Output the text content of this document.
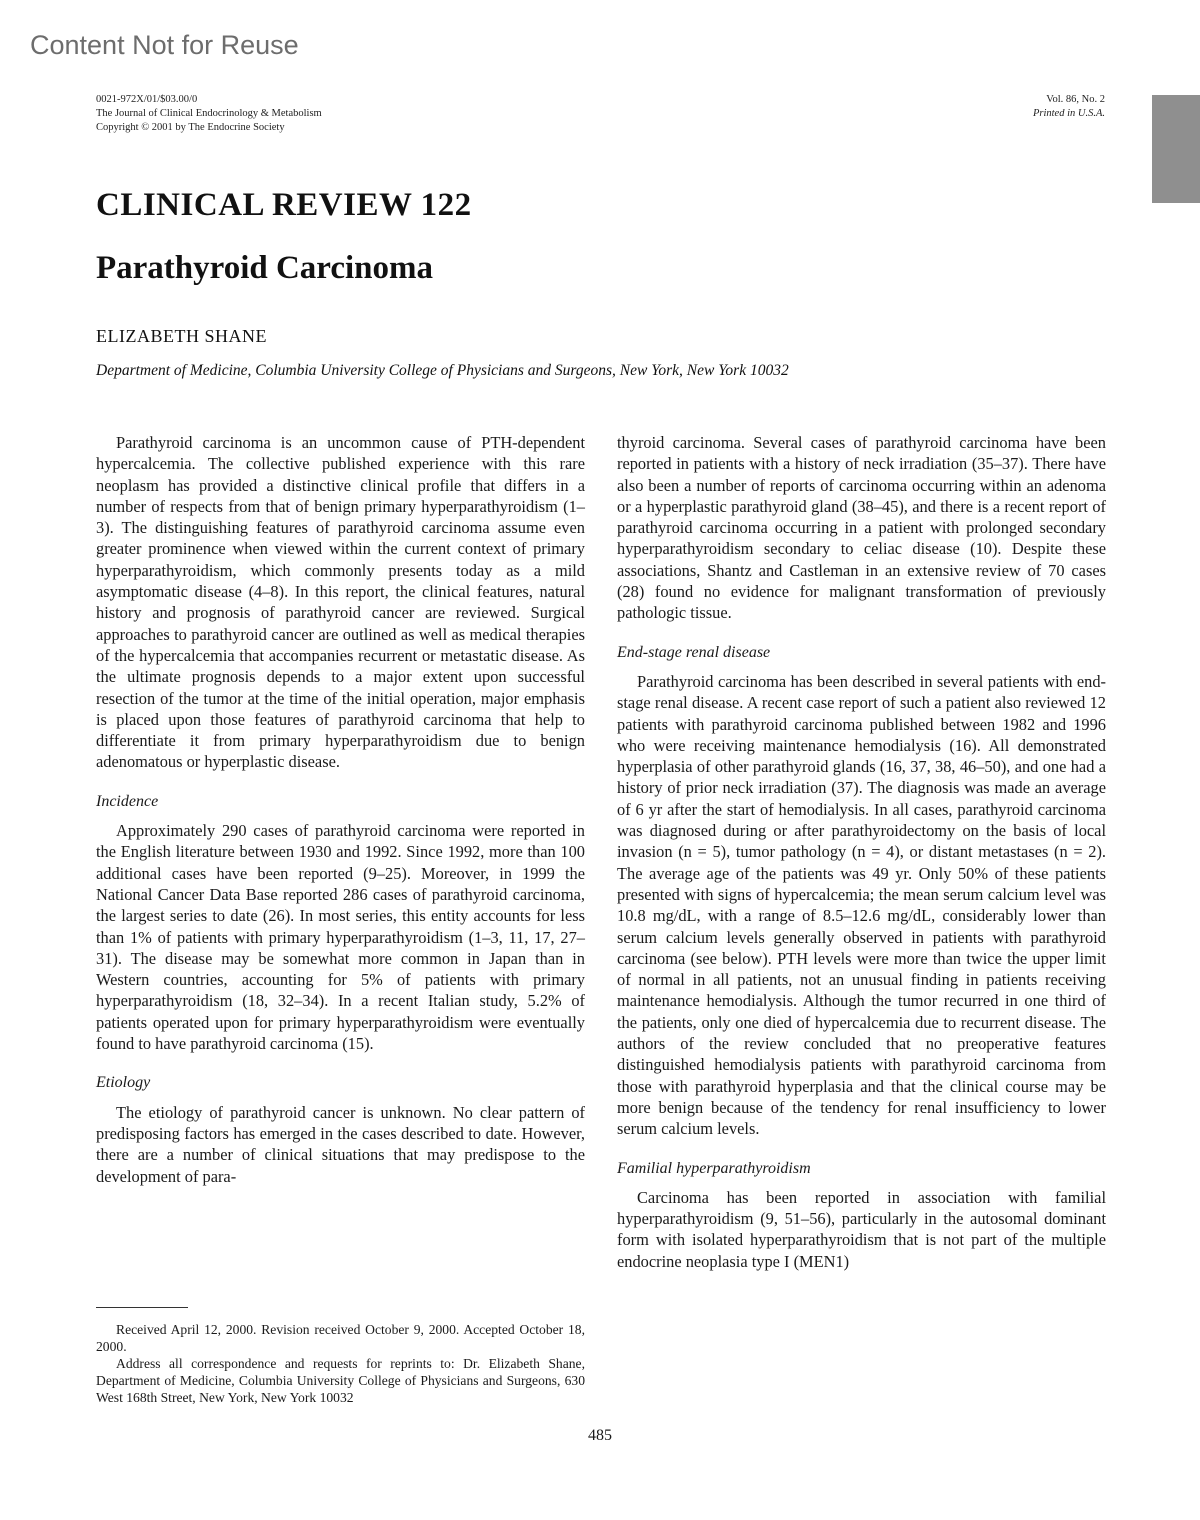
Content Not for Reuse
0021-972X/01/$03.00/0
The Journal of Clinical Endocrinology & Metabolism
Copyright © 2001 by The Endocrine Society
Vol. 86, No. 2
Printed in U.S.A.
CLINICAL REVIEW 122
Parathyroid Carcinoma
ELIZABETH SHANE
Department of Medicine, Columbia University College of Physicians and Surgeons, New York, New York 10032

Parathyroid carcinoma is an uncommon cause of PTH-dependent hypercalcemia. The collective published experience with this rare neoplasm has provided a distinctive clinical profile that differs in a number of respects from that of benign primary hyperparathyroidism (1–3). The distinguishing features of parathyroid carcinoma assume even greater prominence when viewed within the current context of primary hyperparathyroidism, which commonly presents today as a mild asymptomatic disease (4–8). In this report, the clinical features, natural history and prognosis of parathyroid cancer are reviewed. Surgical approaches to parathyroid cancer are outlined as well as medical therapies of the hypercalcemia that accompanies recurrent or metastatic disease. As the ultimate prognosis depends to a major extent upon successful resection of the tumor at the time of the initial operation, major emphasis is placed upon those features of parathyroid carcinoma that help to differentiate it from primary hyperparathyroidism due to benign adenomatous or hyperplastic disease.

Incidence

Approximately 290 cases of parathyroid carcinoma were reported in the English literature between 1930 and 1992. Since 1992, more than 100 additional cases have been reported (9–25). Moreover, in 1999 the National Cancer Data Base reported 286 cases of parathyroid carcinoma, the largest series to date (26). In most series, this entity accounts for less than 1% of patients with primary hyperparathyroidism (1–3, 11, 17, 27–31). The disease may be somewhat more common in Japan than in Western countries, accounting for 5% of patients with primary hyperparathyroidism (18, 32–34). In a recent Italian study, 5.2% of patients operated upon for primary hyperparathyroidism were eventually found to have parathyroid carcinoma (15).

Etiology

The etiology of parathyroid cancer is unknown. No clear pattern of predisposing factors has emerged in the cases described to date. However, there are a number of clinical situations that may predispose to the development of para-

Received April 12, 2000. Revision received October 9, 2000. Accepted October 18, 2000.

Address all correspondence and requests for reprints to: Dr. Elizabeth Shane, Department of Medicine, Columbia University College of Physicians and Surgeons, 630 West 168th Street, New York, New York 10032

thyroid carcinoma. Several cases of parathyroid carcinoma have been reported in patients with a history of neck irradiation (35–37). There have also been a number of reports of carcinoma occurring within an adenoma or a hyperplastic parathyroid gland (38–45), and there is a recent report of parathyroid carcinoma occurring in a patient with prolonged secondary hyperparathyroidism secondary to celiac disease (10). Despite these associations, Shantz and Castleman in an extensive review of 70 cases (28) found no evidence for malignant transformation of previously pathologic tissue.

End-stage renal disease

Parathyroid carcinoma has been described in several patients with end-stage renal disease. A recent case report of such a patient also reviewed 12 patients with parathyroid carcinoma published between 1982 and 1996 who were receiving maintenance hemodialysis (16). All demonstrated hyperplasia of other parathyroid glands (16, 37, 38, 46–50), and one had a history of prior neck irradiation (37). The diagnosis was made an average of 6 yr after the start of hemodialysis. In all cases, parathyroid carcinoma was diagnosed during or after parathyroidectomy on the basis of local invasion (n = 5), tumor pathology (n = 4), or distant metastases (n = 2). The average age of the patients was 49 yr. Only 50% of these patients presented with signs of hypercalcemia; the mean serum calcium level was 10.8 mg/dL, with a range of 8.5–12.6 mg/dL, considerably lower than serum calcium levels generally observed in patients with parathyroid carcinoma (see below). PTH levels were more than twice the upper limit of normal in all patients, not an unusual finding in patients receiving maintenance hemodialysis. Although the tumor recurred in one third of the patients, only one died of hypercalcemia due to recurrent disease. The authors of the review concluded that no preoperative features distinguished hemodialysis patients with parathyroid carcinoma from those with parathyroid hyperplasia and that the clinical course may be more benign because of the tendency for renal insufficiency to lower serum calcium levels.

Familial hyperparathyroidism

Carcinoma has been reported in association with familial hyperparathyroidism (9, 51–56), particularly in the autosomal dominant form with isolated hyperparathyroidism that is not part of the multiple endocrine neoplasia type I (MEN1)

485
